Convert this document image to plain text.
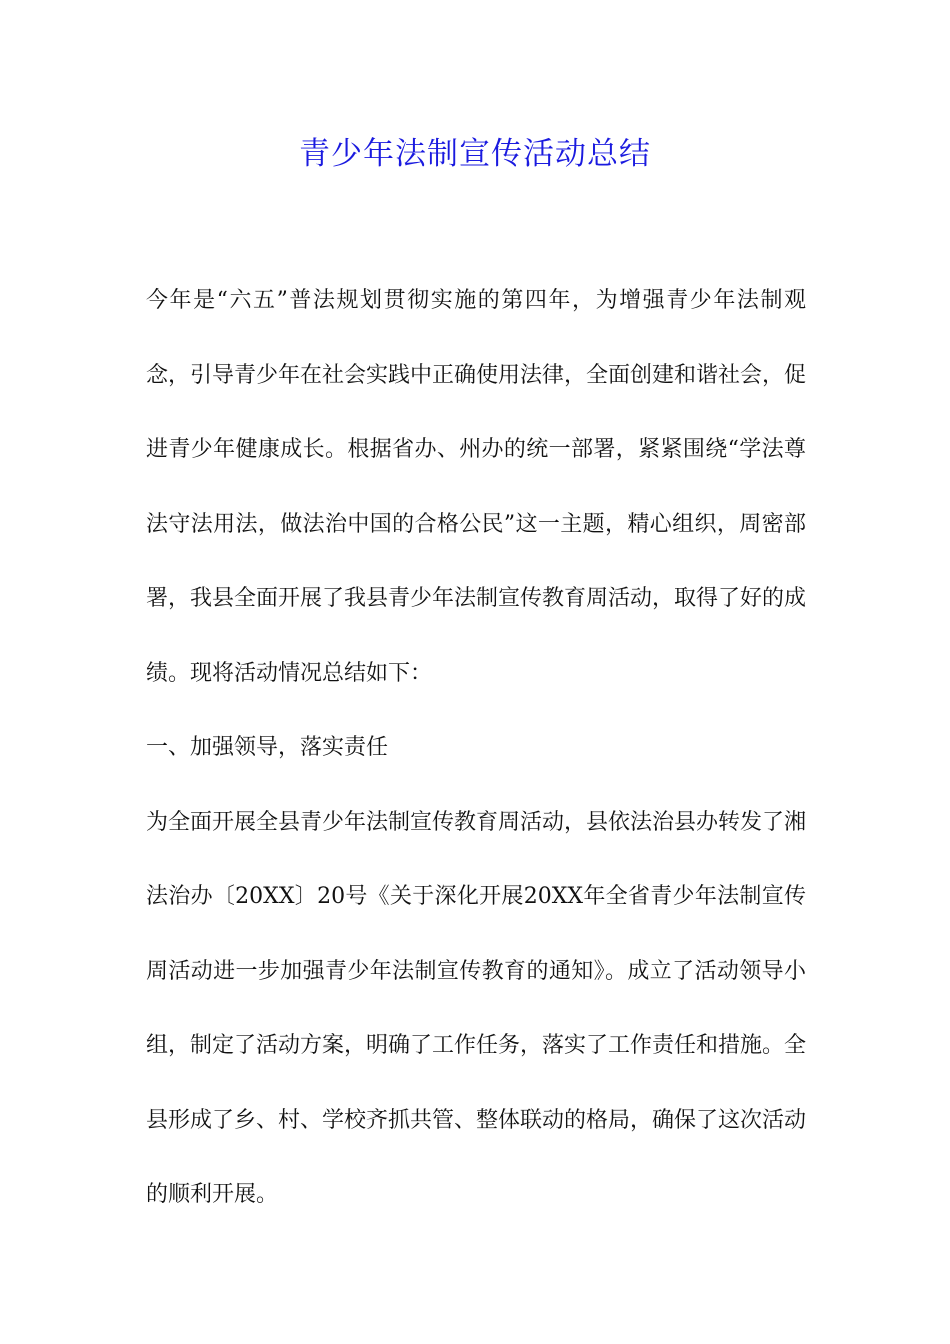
青少年法制宣传活动总结

今年是“六五”普法规划贯彻实施的第四年，为增强青少年法制观念，引导青少年在社会实践中正确使用法律，全面创建和谐社会，促进青少年健康成长。根据省办、州办的统一部署，紧紧围绕“学法尊法守法用法，做法治中国的合格公民”这一主题，精心组织，周密部署，我县全面开展了我县青少年法制宣传教育周活动，取得了好的成绩。现将活动情况总结如下：

一、加强领导，落实责任

为全面开展全县青少年法制宣传教育周活动，县依法治县办转发了湘法治办〔20XX〕20号《关于深化开展20XX年全省青少年法制宣传周活动进一步加强青少年法制宣传教育的通知》。成立了活动领导小组，制定了活动方案，明确了工作任务，落实了工作责任和措施。全县形成了乡、村、学校齐抓共管、整体联动的格局，确保了这次活动的顺利开展。
